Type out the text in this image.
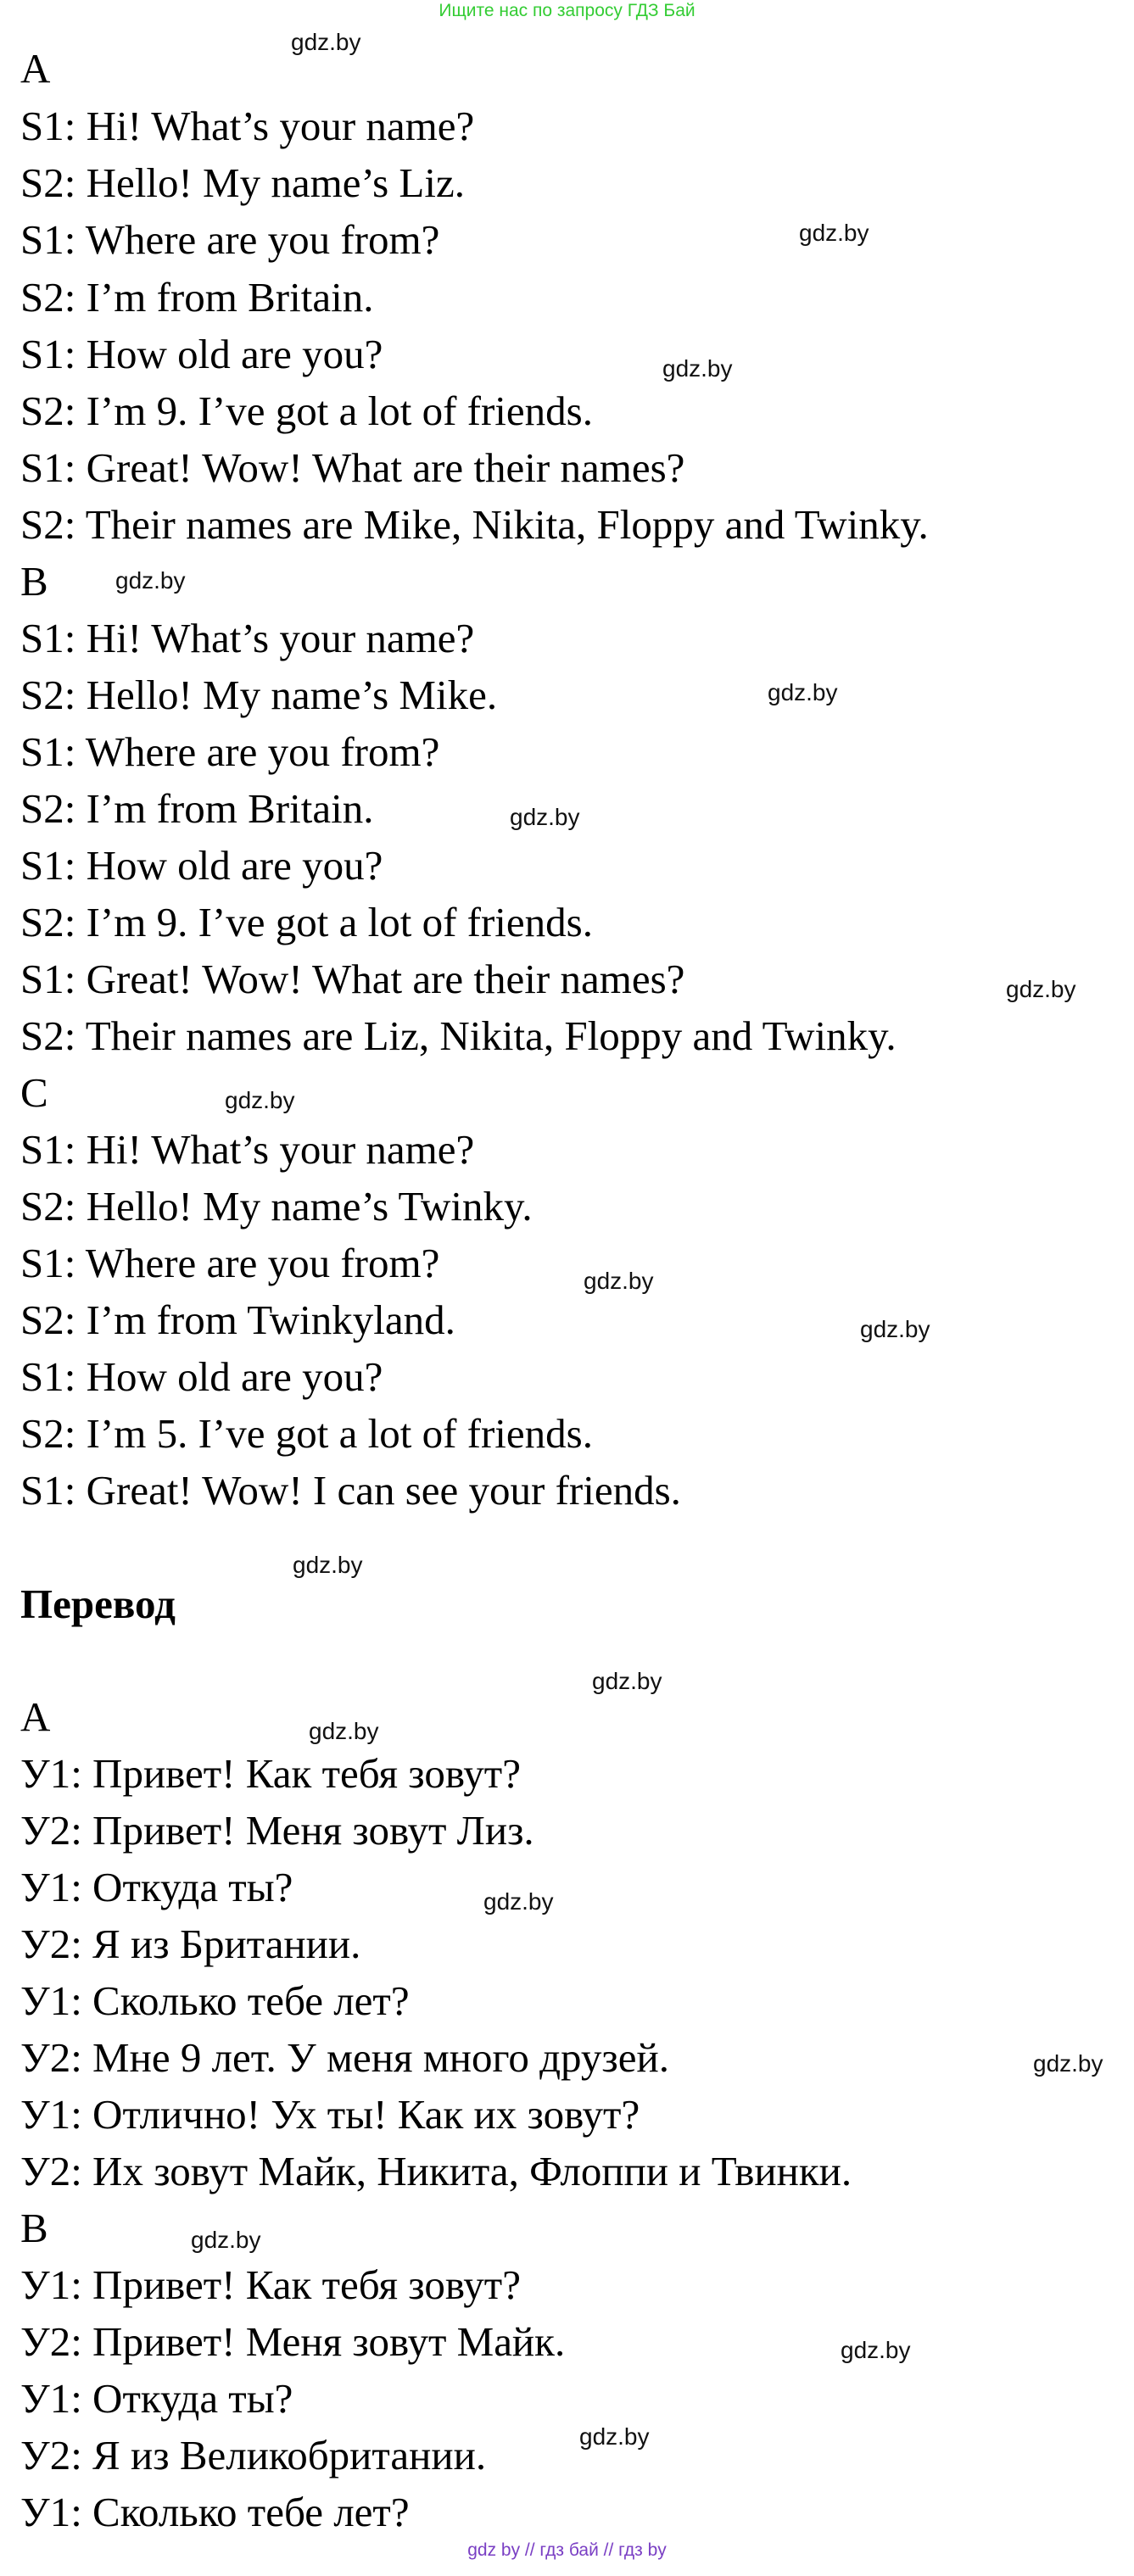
Ищите нас по запросу ГДЗ Бай
A
S1: Hi! What’s your name?
S2: Hello! My name’s Liz.
S1: Where are you from?
S2: I’m from Britain.
S1: How old are you?
S2: I’m 9. I’ve got a lot of friends.
S1: Great! Wow! What are their names?
S2: Their names are Mike, Nikita, Floppy and Twinky.
B
S1: Hi! What’s your name?
S2: Hello! My name’s Mike.
S1: Where are you from?
S2: I’m from Britain.
S1: How old are you?
S2: I’m 9. I’ve got a lot of friends.
S1: Great! Wow! What are their names?
S2: Their names are Liz, Nikita, Floppy and Twinky.
C
S1: Hi! What’s your name?
S2: Hello! My name’s Twinky.
S1: Where are you from?
S2: I’m from Twinkyland.
S1: How old are you?
S2: I’m 5. I’ve got a lot of friends.
S1: Great! Wow! I can see your friends.
Перевод
A
У1: Привет! Как тебя зовут?
У2: Привет! Меня зовут Лиз.
У1: Откуда ты?
У2: Я из Британии.
У1: Сколько тебе лет?
У2: Мне 9 лет. У меня много друзей.
У1: Отлично! Ух ты! Как их зовут?
У2: Их зовут Майк, Никита, Флоппи и Твинки.
B
У1: Привет! Как тебя зовут?
У2: Привет! Меня зовут Майк.
У1: Откуда ты?
У2: Я из Великобритании.
У1: Сколько тебе лет?
gdz.by
gdz.by
gdz.by
gdz.by
gdz.by
gdz.by
gdz.by
gdz.by
gdz.by
gdz.by
gdz.by
gdz.by
gdz.by
gdz.by
gdz.by
gdz.by
gdz.by
gdz.by
gdz by // гдз бай // гдз by
